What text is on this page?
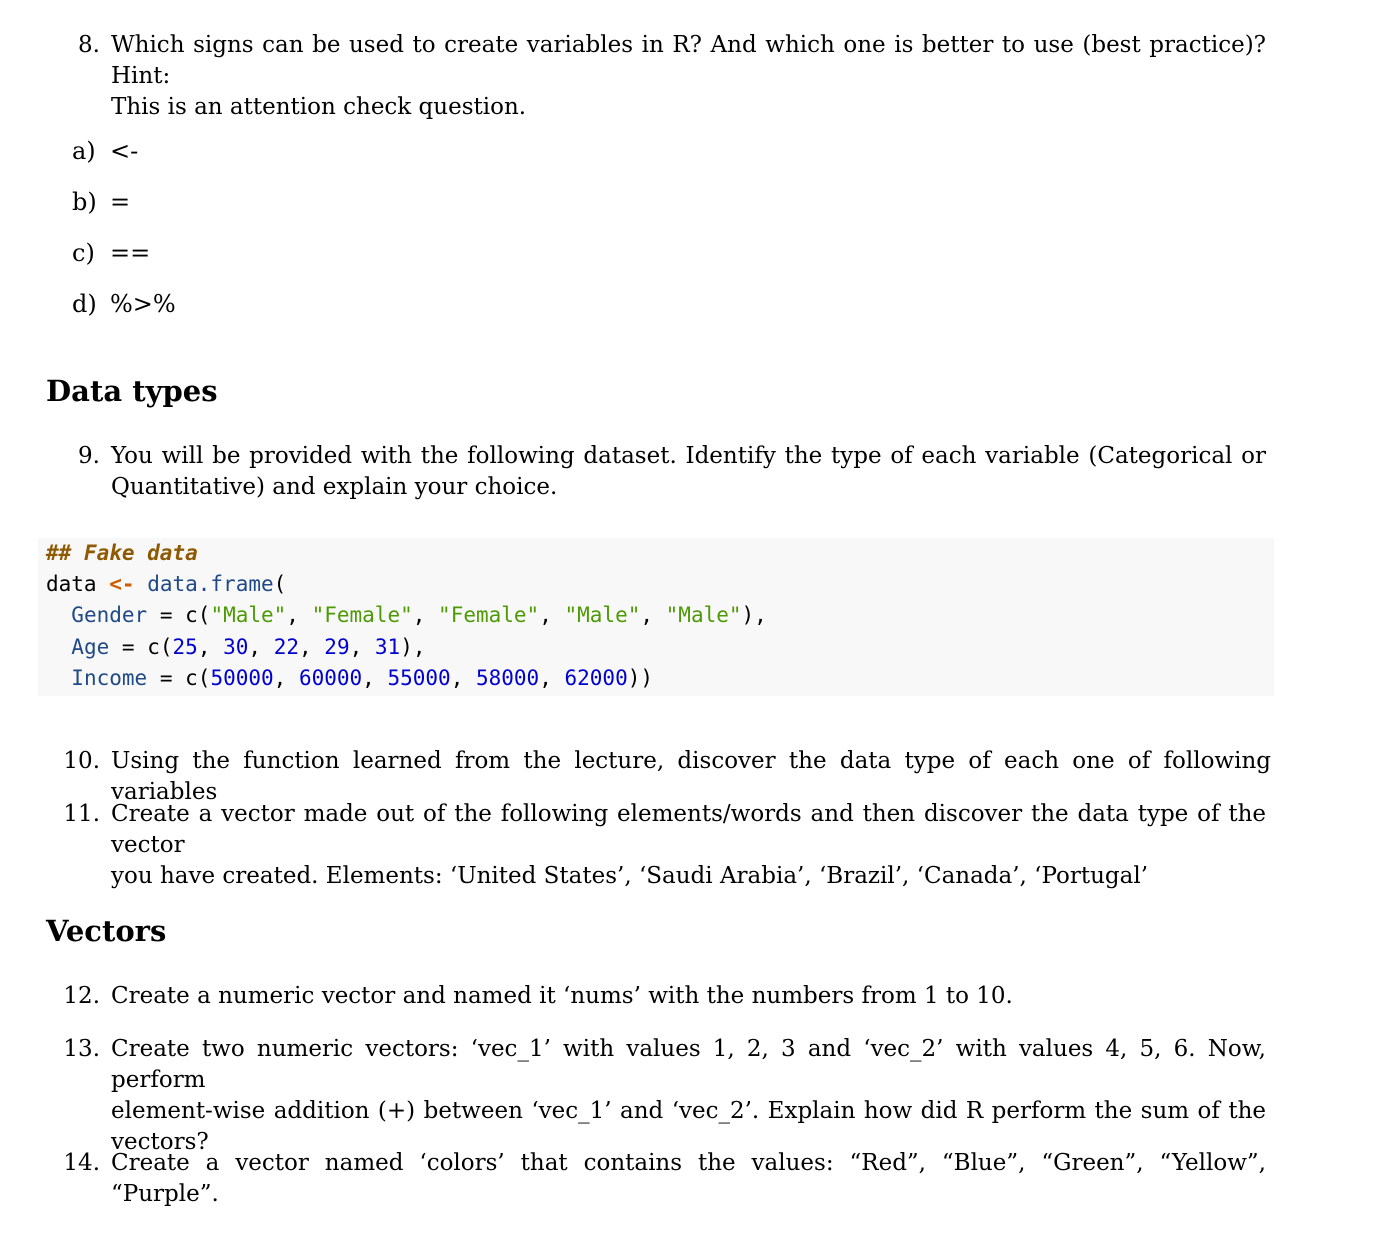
8. Which signs can be used to create variables in R? And which one is better to use (best practice)? Hint:
This is an attention check question.
a) <-
b) =
c) ==
d) %>%
Data types
9. You will be provided with the following dataset. Identify the type of each variable (Categorical or
Quantitative) and explain your choice.
## Fake data
data <- data.frame(
Gender = c("Male", "Female", "Female", "Male", "Male"),
Age = c(25, 30, 22, 29, 31),
Income = c(50000, 60000, 55000, 58000, 62000))
10. Using the function learned from the lecture, discover the data type of each one of following variables
11. Create a vector made out of the following elements/words and then discover the data type of the vector
you have created. Elements: ‘United States’, ‘Saudi Arabia’, ‘Brazil’, ‘Canada’, ‘Portugal’
Vectors
12. Create a numeric vector and named it ‘nums’ with the numbers from 1 to 10.
13. Create two numeric vectors: ‘vec_1’ with values 1, 2, 3 and ‘vec_2’ with values 4, 5, 6. Now, perform
element-wise addition (+) between ‘vec_1’ and ‘vec_2’. Explain how did R perform the sum of the
vectors?
14. Create a vector named ‘colors’ that contains the values: “Red”, “Blue”, “Green”, “Yellow”, “Purple”.
